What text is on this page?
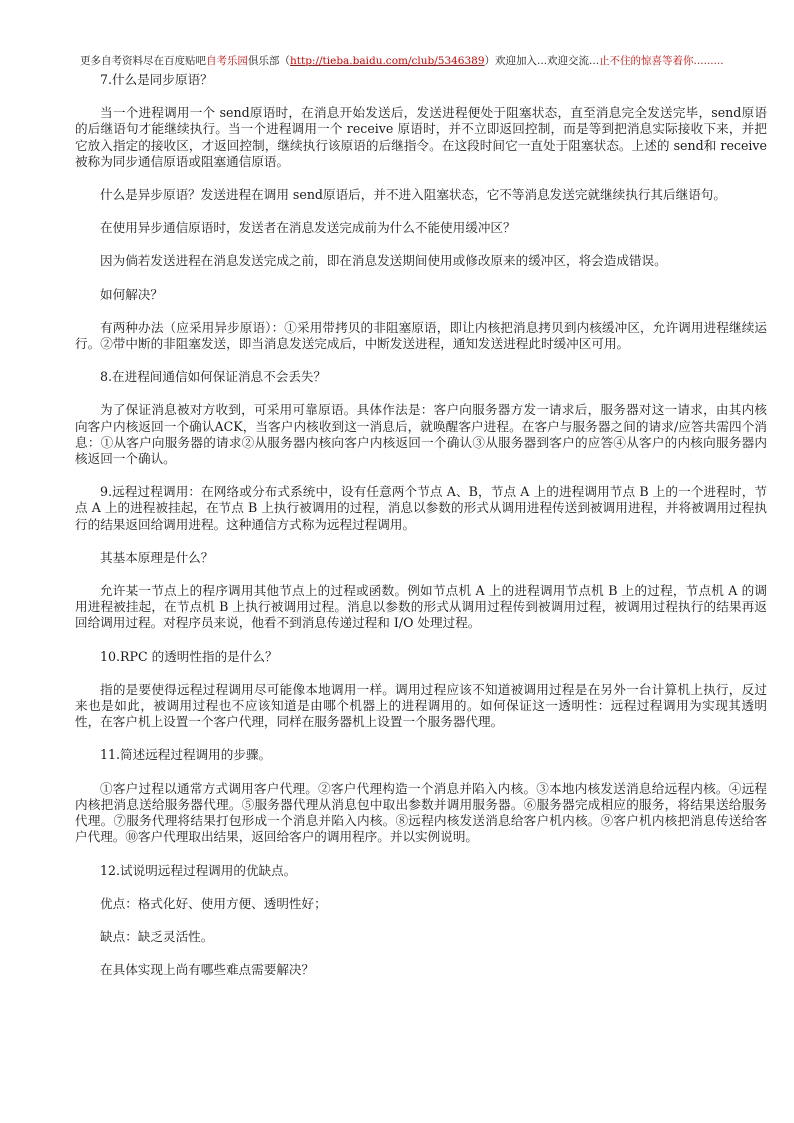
更多自考资料尽在百度贴吧自考乐园俱乐部（http://tieba.baidu.com/club/5346389）欢迎加入...欢迎交流...止不住的惊喜等着你.........

7.什么是同步原语？

当一个进程调用一个 send原语时，在消息开始发送后，发送进程便处于阻塞状态，直至消息完全发送完毕，send原语的后继语句才能继续执行。当一个进程调用一个 receive 原语时，并不立即返回控制，而是等到把消息实际接收下来，并把它放入指定的接收区，才返回控制，继续执行该原语的后继指令。在这段时间它一直处于阻塞状态。上述的 send和 receive 被称为同步通信原语或阻塞通信原语。

什么是异步原语？发送进程在调用 send原语后，并不进入阻塞状态，它不等消息发送完就继续执行其后继语句。

在使用异步通信原语时，发送者在消息发送完成前为什么不能使用缓冲区？

因为倘若发送进程在消息发送完成之前，即在消息发送期间使用或修改原来的缓冲区，将会造成错误。

如何解决？

有两种办法（应采用异步原语）：①采用带拷贝的非阻塞原语，即让内核把消息拷贝到内核缓冲区，允许调用进程继续运行。②带中断的非阻塞发送，即当消息发送完成后，中断发送进程，通知发送进程此时缓冲区可用。

8.在进程间通信如何保证消息不会丢失？

为了保证消息被对方收到，可采用可靠原语。具体作法是：客户向服务器方发一请求后，服务器对这一请求，由其内核向客户内核返回一个确认ACK，当客户内核收到这一消息后，就唤醒客户进程。在客户与服务器之间的请求/应答共需四个消息：①从客户向服务器的请求②从服务器内核向客户内核返回一个确认③从服务器到客户的应答④从客户的内核向服务器内核返回一个确认。

9.远程过程调用：在网络或分布式系统中，设有任意两个节点 A、B，节点 A 上的进程调用节点 B 上的一个进程时，节点 A 上的进程被挂起，在节点 B 上执行被调用的过程，消息以参数的形式从调用进程传送到被调用进程，并将被调用过程执行的结果返回给调用进程。这种通信方式称为远程过程调用。

其基本原理是什么？

允许某一节点上的程序调用其他节点上的过程或函数。例如节点机 A 上的进程调用节点机 B 上的过程，节点机 A 的调用进程被挂起，在节点机 B 上执行被调用过程。消息以参数的形式从调用过程传到被调用过程，被调用过程执行的结果再返回给调用过程。对程序员来说，他看不到消息传递过程和 I/O 处理过程。

10.RPC 的透明性指的是什么？

指的是要使得远程过程调用尽可能像本地调用一样。调用过程应该不知道被调用过程是在另外一台计算机上执行，反过来也是如此，被调用过程也不应该知道是由哪个机器上的进程调用的。如何保证这一透明性：远程过程调用为实现其透明性，在客户机上设置一个客户代理，同样在服务器机上设置一个服务器代理。

11.简述远程过程调用的步骤。

①客户过程以通常方式调用客户代理。②客户代理构造一个消息并陷入内核。③本地内核发送消息给远程内核。④远程内核把消息送给服务器代理。⑤服务器代理从消息包中取出参数并调用服务器。⑥服务器完成相应的服务，将结果送给服务代理。⑦服务代理将结果打包形成一个消息并陷入内核。⑧远程内核发送消息给客户机内核。⑨客户机内核把消息传送给客户代理。⑩客户代理取出结果，返回给客户的调用程序。并以实例说明。

12.试说明远程过程调用的优缺点。

优点：格式化好、使用方便、透明性好；

缺点：缺乏灵活性。

在具体实现上尚有哪些难点需要解决？
